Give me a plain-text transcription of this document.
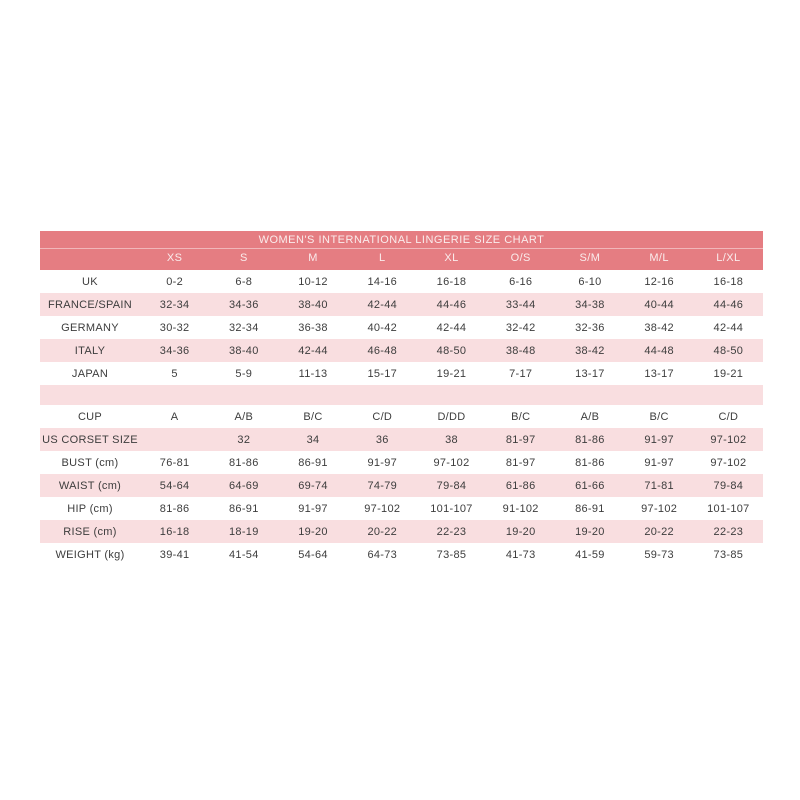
WOMEN'S INTERNATIONAL LINGERIE SIZE CHART									
	XS	S	M	L	XL	O/S	S/M	M/L	L/XL
UK	0-2	6-8	10-12	14-16	16-18	6-16	6-10	12-16	16-18
FRANCE/SPAIN	32-34	34-36	38-40	42-44	44-46	33-44	34-38	40-44	44-46
GERMANY	30-32	32-34	36-38	40-42	42-44	32-42	32-36	38-42	42-44
ITALY	34-36	38-40	42-44	46-48	48-50	38-48	38-42	44-48	48-50
JAPAN	5	5-9	11-13	15-17	19-21	7-17	13-17	13-17	19-21

CUP	A	A/B	B/C	C/D	D/DD	B/C	A/B	B/C	C/D
US CORSET SIZE		32	34	36	38	81-97	81-86	91-97	97-102
BUST (cm)	76-81	81-86	86-91	91-97	97-102	81-97	81-86	91-97	97-102
WAIST (cm)	54-64	64-69	69-74	74-79	79-84	61-86	61-66	71-81	79-84
HIP (cm)	81-86	86-91	91-97	97-102	101-107	91-102	86-91	97-102	101-107
RISE (cm)	16-18	18-19	19-20	20-22	22-23	19-20	19-20	20-22	22-23
WEIGHT (kg)	39-41	41-54	54-64	64-73	73-85	41-73	41-59	59-73	73-85
